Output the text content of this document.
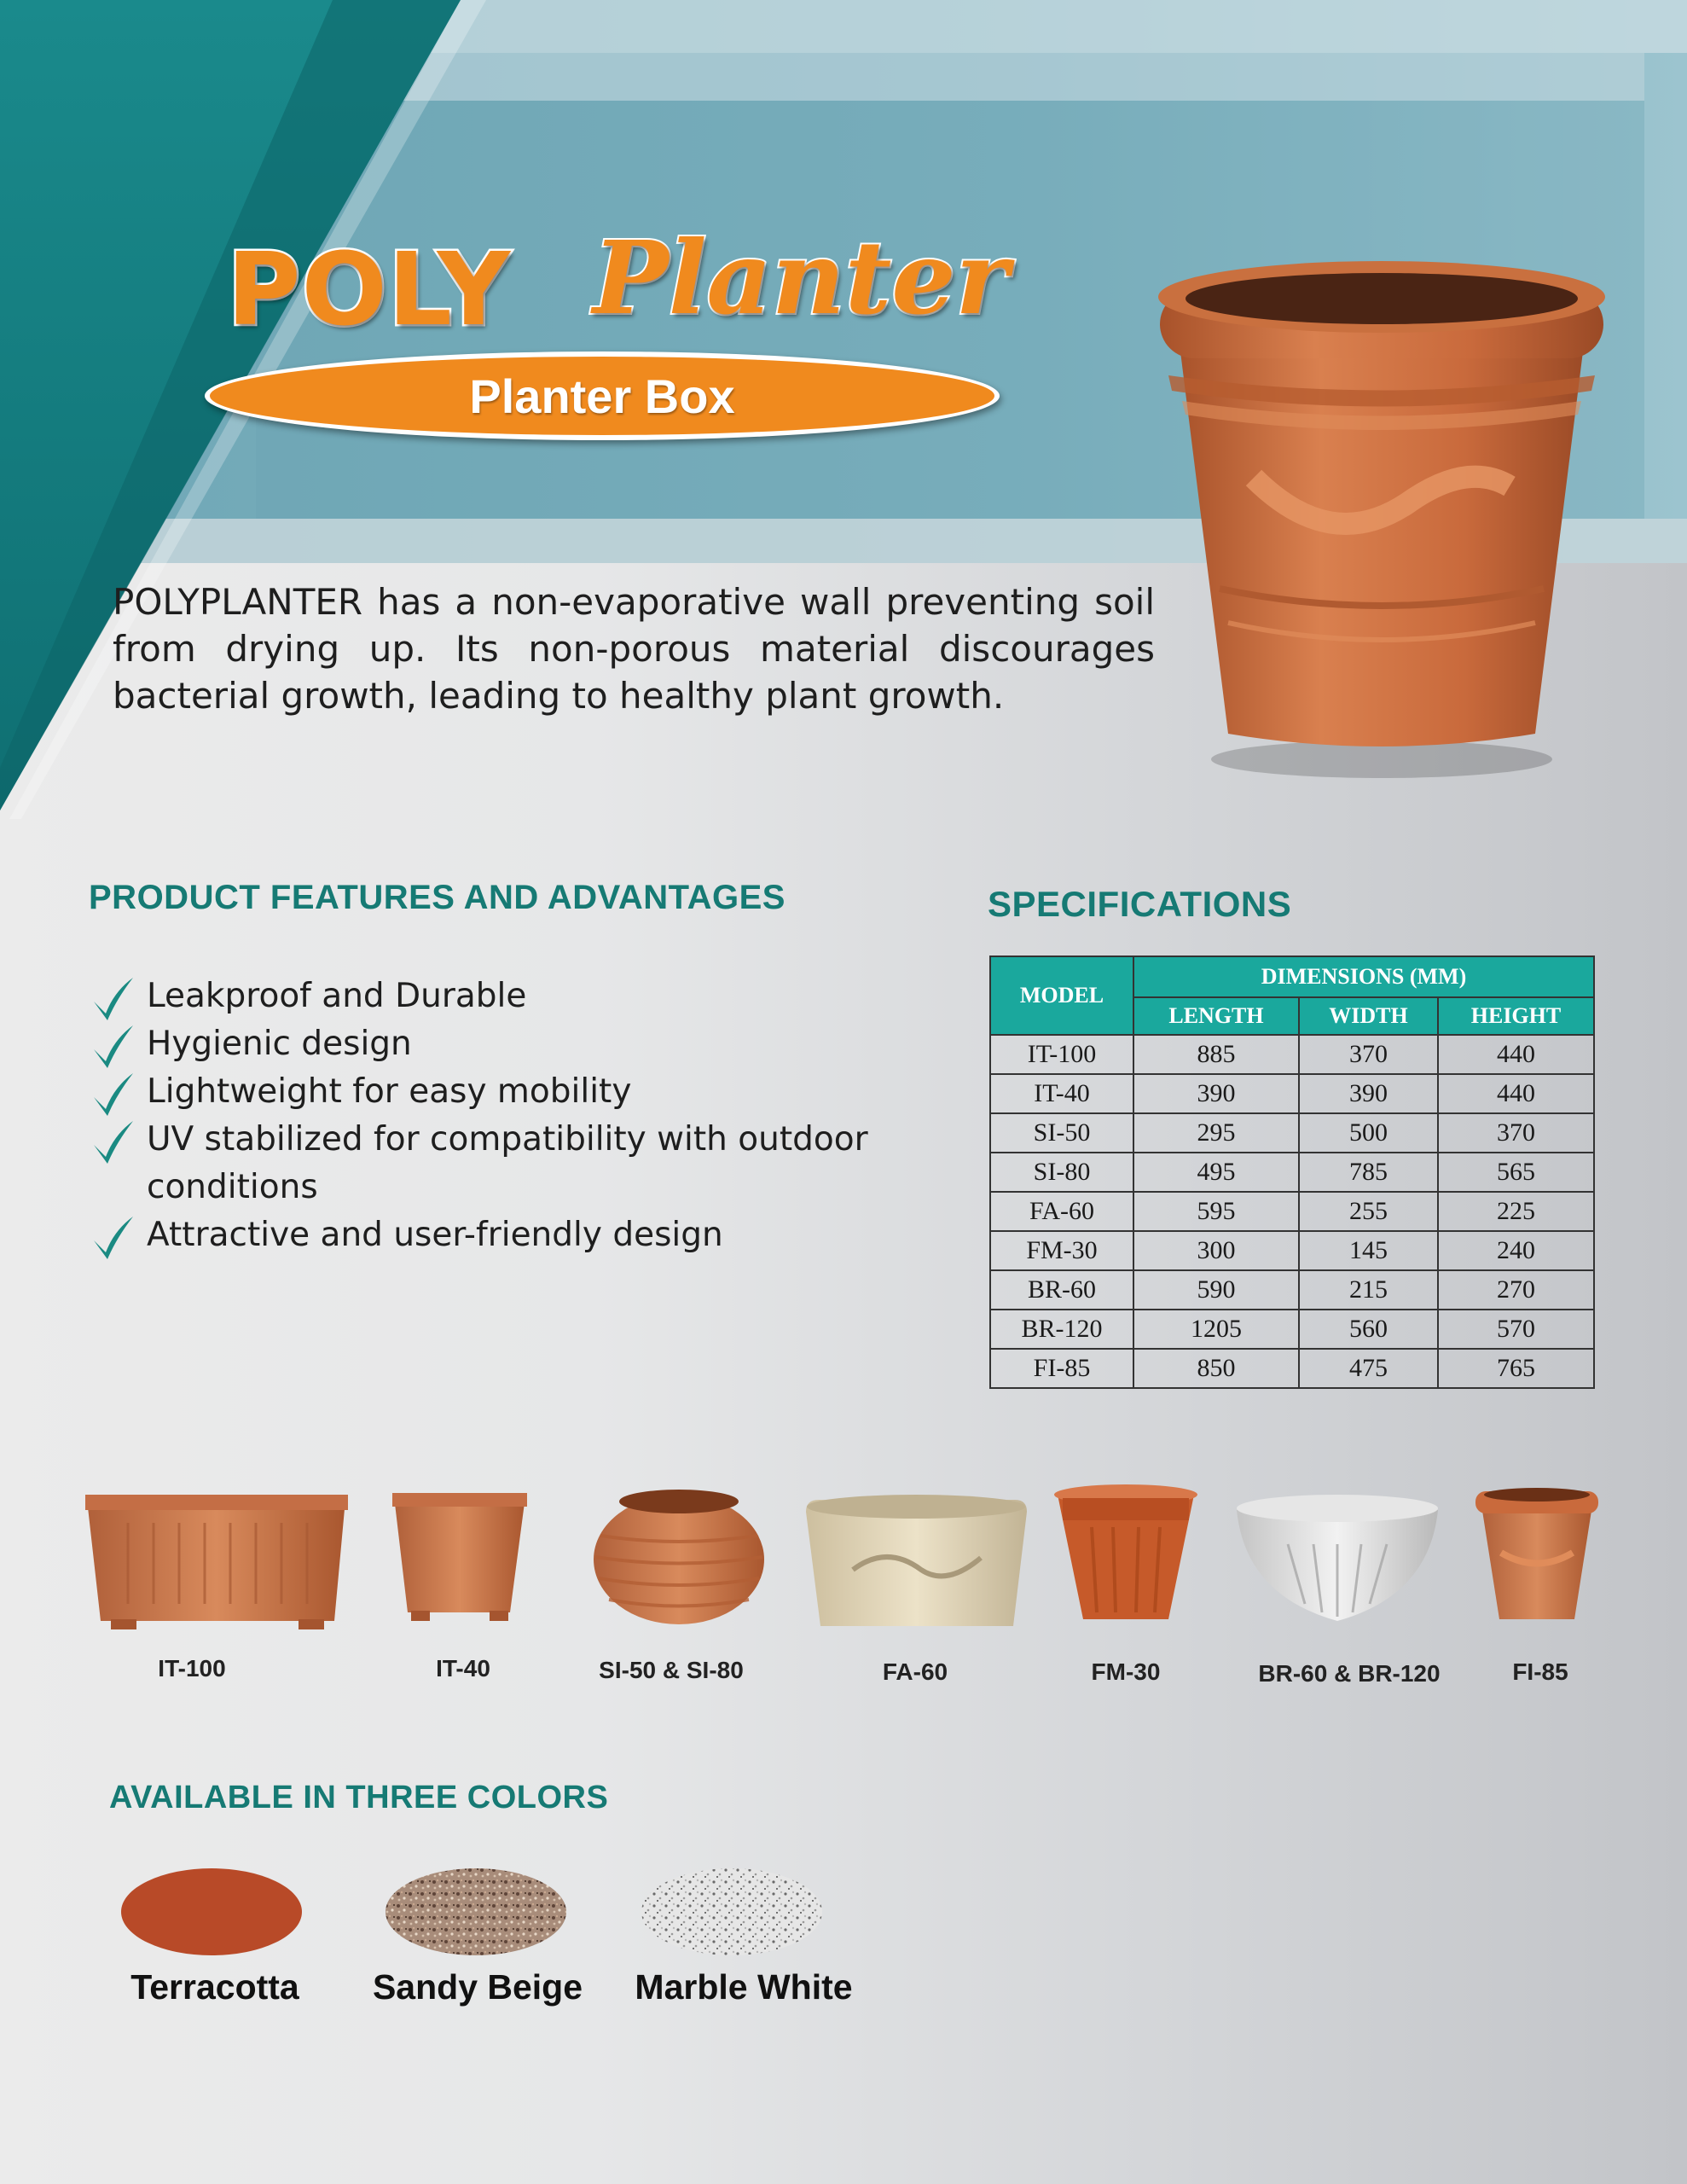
POLY Planter
Planter Box
POLYPLANTER has a non-evaporative wall preventing soil from drying up. Its non-porous material discourages bacterial growth, leading to healthy plant growth.
PRODUCT FEATURES AND ADVANTAGES
Leakproof and Durable
Hygienic design
Lightweight for easy mobility
UV stabilized for compatibility with outdoor conditions
Attractive and user-friendly design
SPECIFICATIONS
MODEL	DIMENSIONS (MM)		
	LENGTH	WIDTH	HEIGHT
IT-100	885	370	440
IT-40	390	390	440
SI-50	295	500	370
SI-80	495	785	565
FA-60	595	255	225
FM-30	300	145	240
BR-60	590	215	270
BR-120	1205	560	570
FI-85	850	475	765
IT-100	IT-40	SI-50 & SI-80	FA-60	FM-30	BR-60 & BR-120	FI-85
AVAILABLE IN THREE COLORS
Terracotta	Sandy Beige	Marble White
